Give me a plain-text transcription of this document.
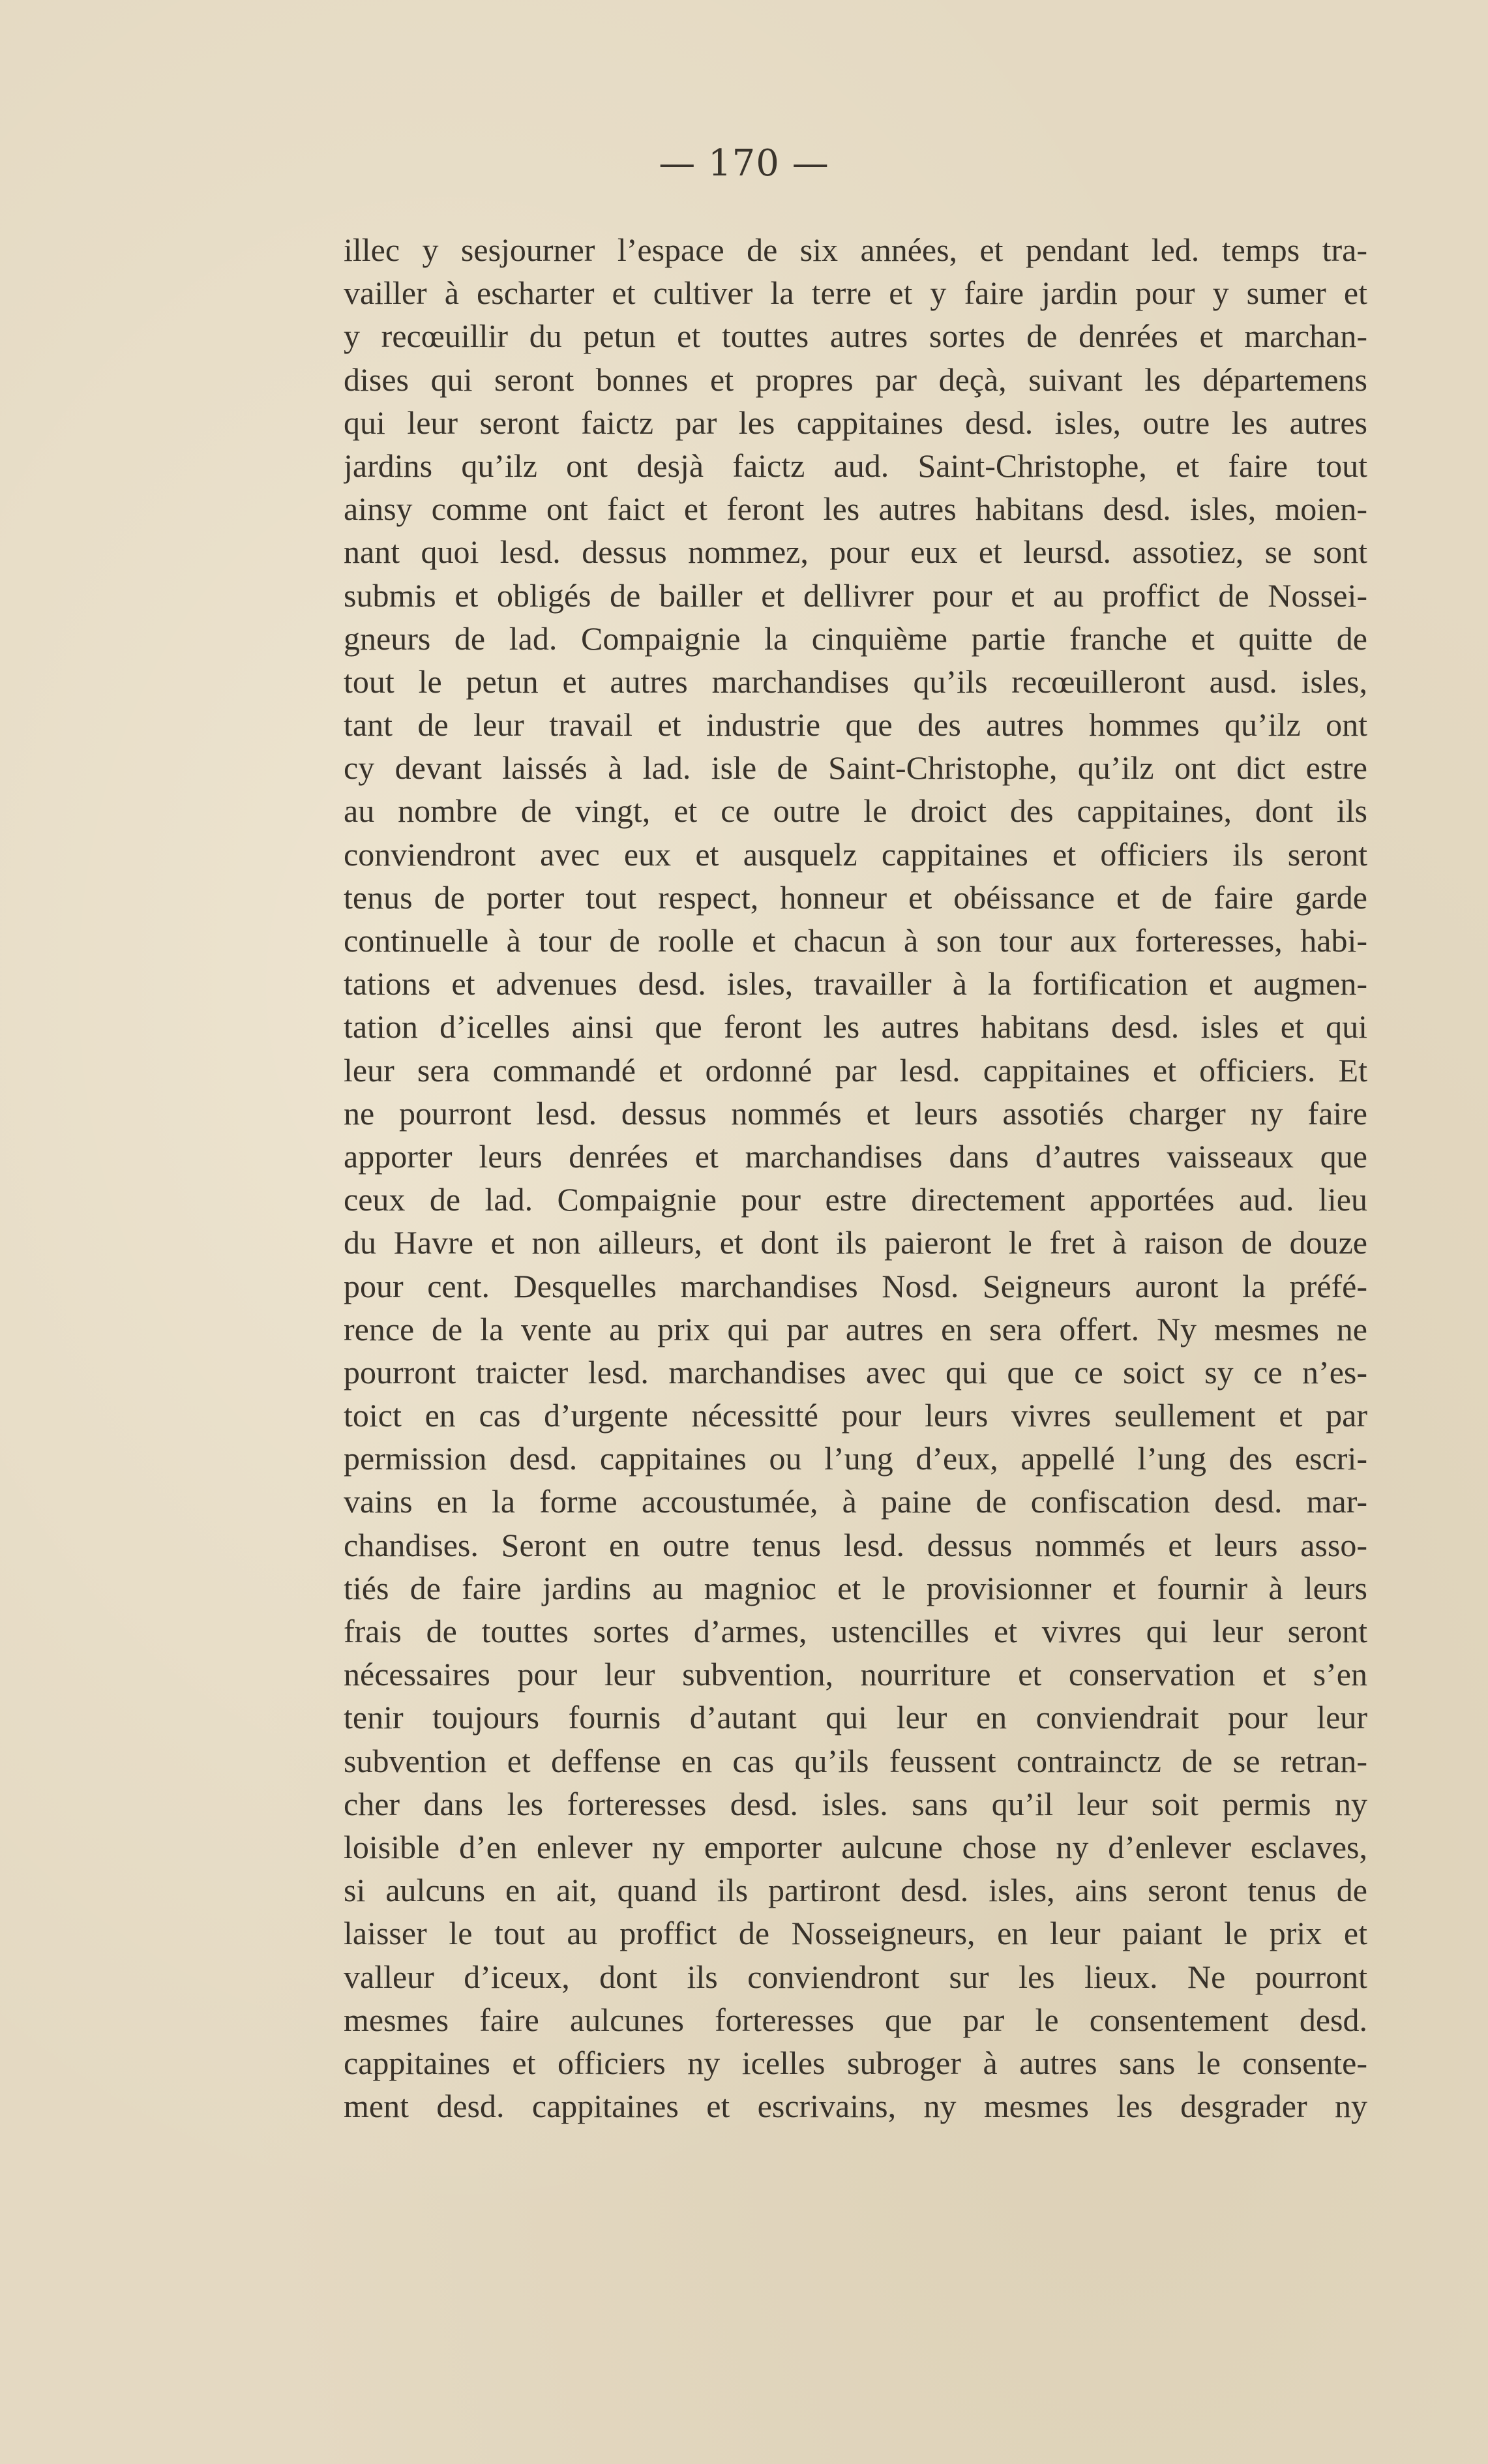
— 170 —
illec y sesjourner l’espace de six années, et pendant led. temps tra-
vailler à escharter et cultiver la terre et y faire jardin pour y sumer et
y recœuillir du petun et touttes autres sortes de denrées et marchan-
dises qui seront bonnes et propres par deçà, suivant les départemens
qui leur seront faictz par les cappitaines desd. isles, outre les autres
jardins qu’ilz ont desjà faictz aud. Saint-Christophe, et faire tout
ainsy comme ont faict et feront les autres habitans desd. isles, moien-
nant quoi lesd. dessus nommez, pour eux et leursd. assotiez, se sont
submis et obligés de bailler et dellivrer pour et au proffict de Nossei-
gneurs de lad. Compaignie la cinquième partie franche et quitte de
tout le petun et autres marchandises qu’ils recœuilleront ausd. isles,
tant de leur travail et industrie que des autres hommes qu’ilz ont
cy devant laissés à lad. isle de Saint-Christophe, qu’ilz ont dict estre
au nombre de vingt, et ce outre le droict des cappitaines, dont ils
conviendront avec eux et ausquelz cappitaines et officiers ils seront
tenus de porter tout respect, honneur et obéissance et de faire garde
continuelle à tour de roolle et chacun à son tour aux forteresses, habi-
tations et advenues desd. isles, travailler à la fortification et augmen-
tation d’icelles ainsi que feront les autres habitans desd. isles et qui
leur sera commandé et ordonné par lesd. cappitaines et officiers. Et
ne pourront lesd. dessus nommés et leurs assotiés charger ny faire
apporter leurs denrées et marchandises dans d’autres vaisseaux que
ceux de lad. Compaignie pour estre directement apportées aud. lieu
du Havre et non ailleurs, et dont ils paieront le fret à raison de douze
pour cent. Desquelles marchandises Nosd. Seigneurs auront la préfé-
rence de la vente au prix qui par autres en sera offert. Ny mesmes ne
pourront traicter lesd. marchandises avec qui que ce soict sy ce n’es-
toict en cas d’urgente nécessitté pour leurs vivres seullement et par
permission desd. cappitaines ou l’ung d’eux, appellé l’ung des escri-
vains en la forme accoustumée, à paine de confiscation desd. mar-
chandises. Seront en outre tenus lesd. dessus nommés et leurs asso-
tiés de faire jardins au magnioc et le provisionner et fournir à leurs
frais de touttes sortes d’armes, ustencilles et vivres qui leur seront
nécessaires pour leur subvention, nourriture et conservation et s’en
tenir toujours fournis d’autant qui leur en conviendrait pour leur
subvention et deffense en cas qu’ils feussent contrainctz de se retran-
cher dans les forteresses desd. isles. sans qu’il leur soit permis ny
loisible d’en enlever ny emporter aulcune chose ny d’enlever esclaves,
si aulcuns en ait, quand ils partiront desd. isles, ains seront tenus de
laisser le tout au proffict de Nosseigneurs, en leur paiant le prix et
valleur d’iceux, dont ils conviendront sur les lieux. Ne pourront
mesmes faire aulcunes forteresses que par le consentement desd.
cappitaines et officiers ny icelles subroger à autres sans le consente-
ment desd. cappitaines et escrivains, ny mesmes les desgrader ny
